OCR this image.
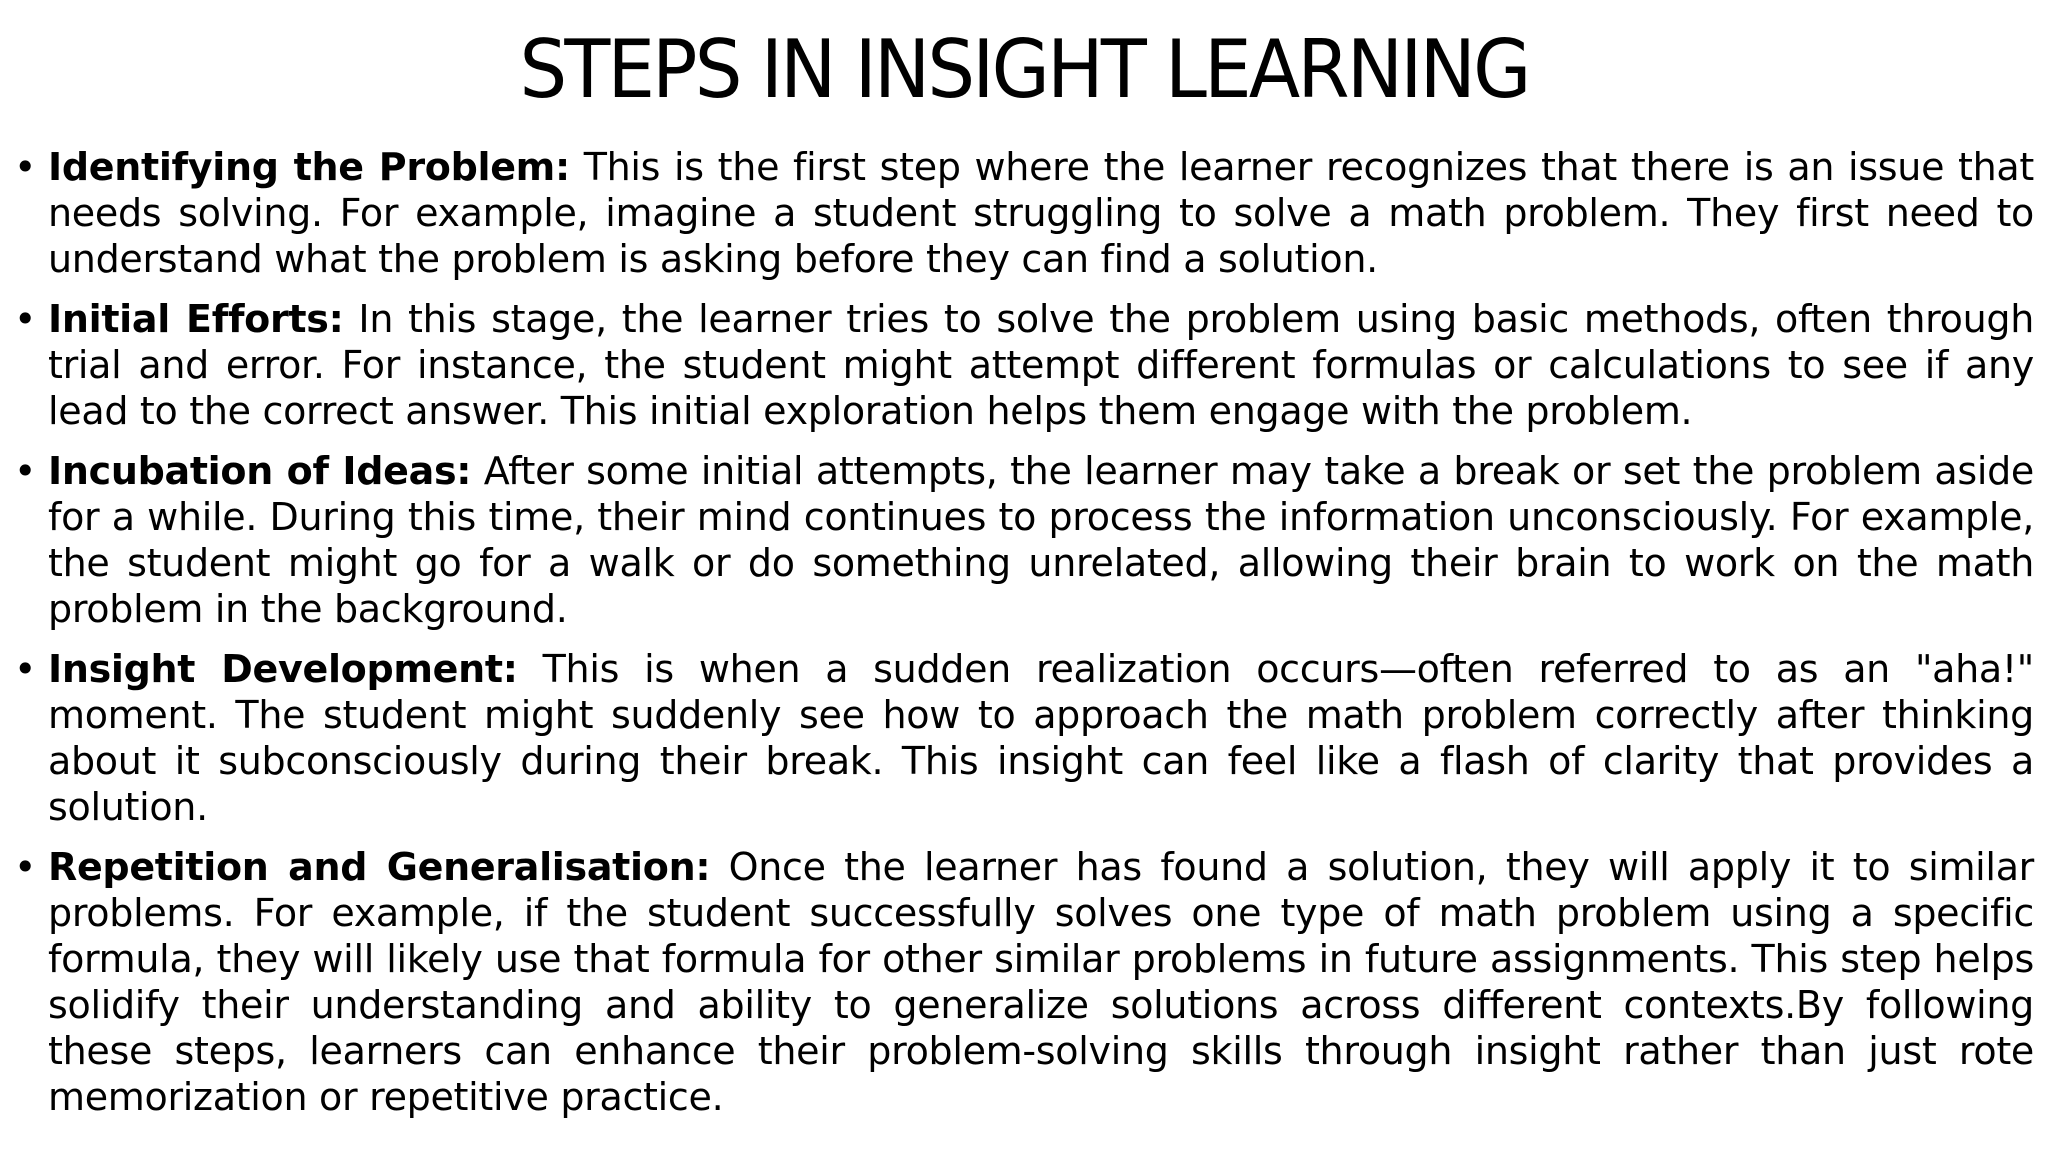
STEPS IN INSIGHT LEARNING
• Identifying the Problem: This is the first step where the learner recognizes that there is an issue that needs solving. For example, imagine a student struggling to solve a math problem. They first need to understand what the problem is asking before they can find a solution.
• Initial Efforts: In this stage, the learner tries to solve the problem using basic methods, often through trial and error. For instance, the student might attempt different formulas or calculations to see if any lead to the correct answer. This initial exploration helps them engage with the problem.
• Incubation of Ideas: After some initial attempts, the learner may take a break or set the problem aside for a while. During this time, their mind continues to process the information unconsciously. For example, the student might go for a walk or do something unrelated, allowing their brain to work on the math problem in the background.
• Insight Development: This is when a sudden realization occurs—often referred to as an "aha!" moment. The student might suddenly see how to approach the math problem correctly after thinking about it subconsciously during their break. This insight can feel like a flash of clarity that provides a solution.
• Repetition and Generalisation: Once the learner has found a solution, they will apply it to similar problems. For example, if the student successfully solves one type of math problem using a specific formula, they will likely use that formula for other similar problems in future assignments. This step helps solidify their understanding and ability to generalize solutions across different contexts.By following these steps, learners can enhance their problem-solving skills through insight rather than just rote memorization or repetitive practice.
